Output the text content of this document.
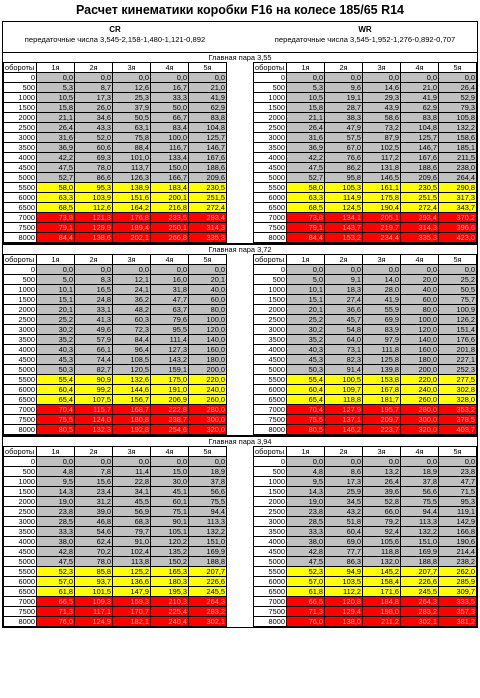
Расчет кинематики коробки F16 на колесе 185/65 R14
CR
передаточные числа 3,545-2,158-1,480-1,121-0,892
WR
передаточные числа 3,545-1,952-1,276-0,892-0,707
Главная пара 3,55
обороты	1я	2я	3я	4я	5я
0	0,0	0,0	0,0	0,0	0,0
500	5,3	8,7	12,6	16,7	21,0
1000	10,5	17,3	25,3	33,3	41,9
1500	15,8	26,0	37,9	50,0	62,9
2000	21,1	34,6	50,5	66,7	83,8
2500	26,4	43,3	63,1	83,4	104,8
3000	31,6	52,0	75,8	100,0	125,7
3500	36,9	60,6	88,4	116,7	146,7
4000	42,2	69,3	101,0	133,4	167,6
4500	47,5	78,0	113,7	150,0	188,6
5000	52,7	86,6	126,3	166,7	209,6
5500	58,0	95,3	138,9	183,4	230,5
6000	63,3	103,9	151,6	200,1	251,5
6500	68,5	112,6	164,2	216,8	272,4
7000	73,8	121,3	176,8	233,5	293,4
7500	79,1	129,9	189,4	250,1	314,3
8000	84,4	138,6	202,1	266,8	335,3
обороты	1я	2я	3я	4я	5я
0	0,0	0,0	0,0	0,0	0,0
500	5,3	9,6	14,6	21,0	26,4
1000	10,5	19,1	29,3	41,9	52,9
1500	15,8	28,7	43,9	62,9	79,3
2000	21,1	38,3	58,6	83,8	105,8
2500	26,4	47,9	73,2	104,8	132,2
3000	31,6	57,5	87,9	125,7	158,6
3500	36,9	67,0	102,5	146,7	185,1
4000	42,2	76,6	117,2	167,6	211,5
4500	47,5	86,2	131,8	188,6	238,0
5000	52,7	95,8	146,5	209,6	264,4
5500	58,0	105,3	161,1	230,5	290,8
6000	63,3	114,9	175,8	251,5	317,3
6500	68,5	124,5	190,4	272,4	343,7
7000	73,8	134,1	205,1	293,4	370,2
7500	79,1	143,7	219,7	314,3	396,6
8000	84,4	153,2	234,4	335,3	423,0
Главная пара 3,72
обороты	1я	2я	3я	4я	5я
0	0,0	0,0	0,0	0,0	0,0
500	5,0	8,3	12,1	16,0	20,1
1000	10,1	16,5	24,1	31,8	40,0
1500	15,1	24,8	36,2	47,7	60,0
2000	20,1	33,1	48,2	63,7	80,0
2500	25,2	41,3	60,3	79,6	100,0
3000	30,2	49,6	72,3	95,5	120,0
3500	35,2	57,9	84,4	111,4	140,0
4000	40,3	66,1	96,4	127,3	160,0
4500	45,3	74,4	108,5	143,2	180,0
5000	50,3	82,7	120,5	159,1	200,0
5500	55,4	90,9	132,6	175,0	220,0
6000	60,4	99,2	144,6	191,0	240,0
6500	65,4	107,5	156,7	206,9	260,0
7000	70,4	115,7	168,7	222,8	280,0
7500	75,5	124,0	180,8	238,7	300,0
8000	80,5	132,3	192,8	254,6	320,0
обороты	1я	2я	3я	4я	5я
0	0,0	0,0	0,0	0,0	0,0
500	5,0	9,1	14,0	20,0	25,2
1000	10,1	18,3	28,0	40,0	50,5
1500	15,1	27,4	41,9	60,0	75,7
2000	20,1	36,6	55,9	80,0	100,9
2500	25,2	45,7	69,9	100,0	126,2
3000	30,2	54,8	83,9	120,0	151,4
3500	35,2	64,0	97,9	140,0	176,6
4000	40,3	73,1	111,8	160,0	201,8
4500	45,3	82,3	125,8	180,0	227,1
5000	50,3	91,4	139,8	200,0	252,3
5500	55,4	100,5	153,8	220,0	277,5
6000	60,4	109,7	167,8	240,0	302,8
6500	65,4	118,8	181,7	260,0	328,0
7000	70,4	127,9	195,7	280,0	353,2
7500	75,5	137,1	209,7	300,0	378,5
8000	80,5	146,2	223,7	320,0	403,7
Главная пара 3,94
обороты	1я	2я	3я	4я	5я
0	0,0	0,0	0,0	0,0	0,0
500	4,8	7,8	11,4	15,0	18,9
1000	9,5	15,6	22,8	30,0	37,8
1500	14,3	23,4	34,1	45,1	56,6
2000	19,0	31,2	45,5	60,1	75,5
2500	23,8	39,0	56,9	75,1	94,4
3000	28,5	46,8	68,3	90,1	113,3
3500	33,3	54,6	79,7	105,1	132,2
4000	38,0	62,4	91,0	120,2	151,0
4500	42,8	70,2	102,4	135,2	169,9
5000	47,5	78,0	113,8	150,2	188,8
5500	52,3	85,8	125,2	165,3	207,7
6000	57,0	93,7	136,6	180,3	226,6
6500	61,8	101,5	147,9	195,3	245,5
7000	66,5	109,3	159,3	210,3	264,3
7500	71,3	117,1	170,7	225,4	283,2
8000	76,0	124,9	182,1	240,4	302,1
обороты	1я	2я	3я	4я	5я
0	0,0	0,0	0,0	0,0	0,0
500	4,8	8,6	13,2	18,9	23,8
1000	9,5	17,3	26,4	37,8	47,7
1500	14,3	25,9	39,6	56,6	71,5
2000	19,0	34,5	52,8	75,5	95,3
2500	23,8	43,2	66,0	94,4	119,1
3000	28,5	51,8	79,2	113,3	142,9
3500	33,3	60,4	92,4	132,2	166,8
4000	38,0	69,0	105,6	151,0	190,6
4500	42,8	77,7	118,8	169,9	214,4
5000	47,5	86,3	132,0	188,8	238,2
5500	52,3	94,9	145,2	207,7	262,0
6000	57,0	103,5	158,4	226,6	285,9
6500	61,8	112,2	171,6	245,5	309,7
7000	66,5	120,8	184,8	264,3	333,5
7500	71,3	129,4	198,0	283,2	357,3
8000	76,0	138,0	211,2	302,1	381,2
